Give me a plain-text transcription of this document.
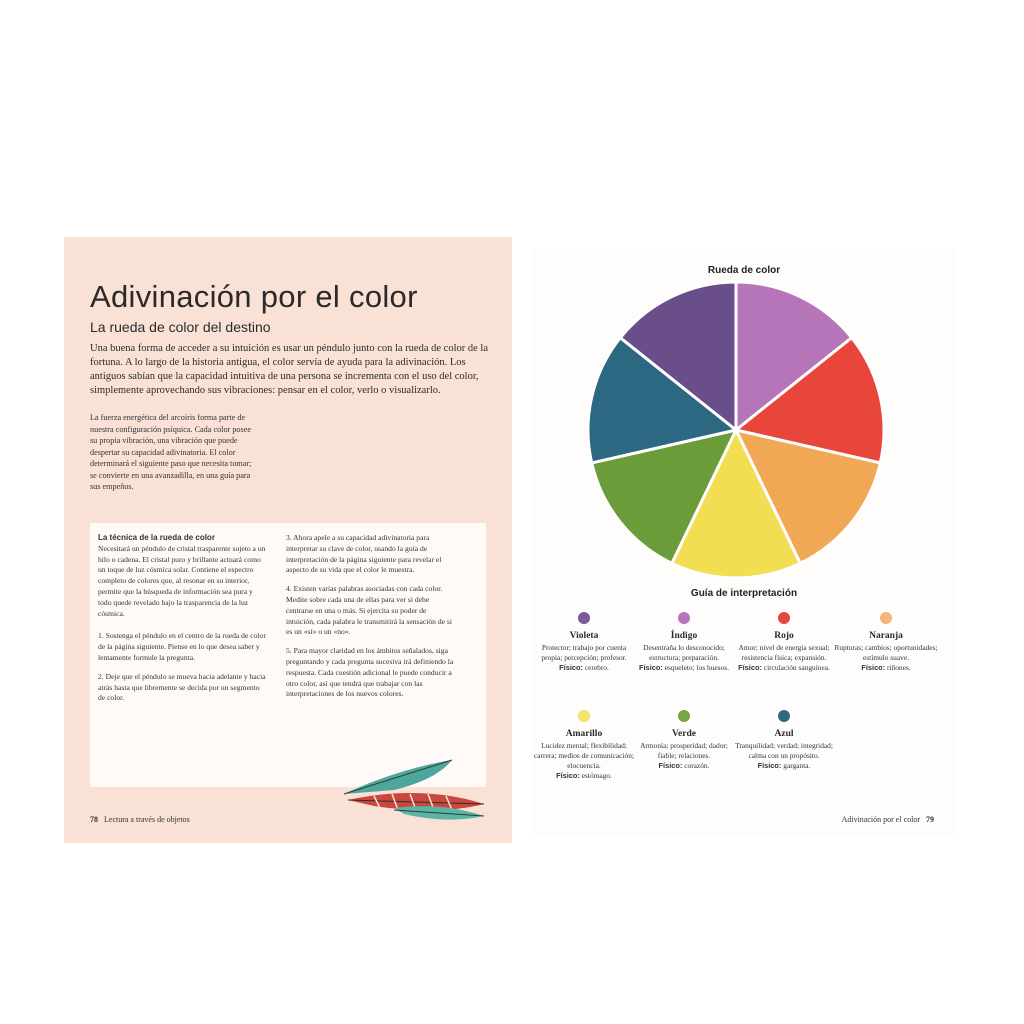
Adivinación por el color
La rueda de color del destino
Una buena forma de acceder a su intuición es usar un péndulo junto con la rueda de color de la fortuna. A lo largo de la historia antigua, el color servía de ayuda para la adivinación. Los antiguos sabían que la capacidad intuitiva de una persona se incrementa con el uso del color, simplemente aprovechando sus vibraciones: pensar en el color, verlo o visualizarlo.
La fuerza energética del arcoíris forma parte de nuestra configuración psíquica. Cada color posee su propia vibración, una vibración que puede despertar su capacidad adivinatoria. El color determinará el siguiente paso que necesita tomar; se convierte en una avanzadilla, en una guía para sus empeños.

La técnica de la rueda de color

Necesitará un péndulo de cristal trasparente sujeto a un hilo o cadena. El cristal puro y brillante actuará como un toque de luz cósmica solar. Contiene el espectro completo de colores que, al resonar en su interior, permite que la búsqueda de información sea pura y todo quede revelado bajo la trasparencia de la luz cósmica.

1. Sostenga el péndulo en el centro de la rueda de color de la página siguiente. Piense en lo que desea saber y lentamente formule la pregunta.

2. Deje que el péndulo se mueva hacia adelante y hacia atrás hasta que libremente se decida por un segmento de color.

3. Ahora apele a su capacidad adivinatoria para interpretar su clave de color, usando la guía de interpretación de la página siguiente para revelar el aspecto de su vida que el color le muestra.

4. Existen varias palabras asociadas con cada color. Medite sobre cada una de ellas para ver si debe centrarse en una o más. Si ejercita su poder de intuición, cada palabra le transmitirá la sensación de si es un «sí» o un «no».

5. Para mayor claridad en los ámbitos señalados, siga preguntando y cada pregunta sucesiva irá definiendo la respuesta. Cada cuestión adicional le puede conducir a otro color, así que tendrá que trabajar con las interpretaciones de los nuevos colores.

78 Lectura a través de objetos
Rueda de color
Guía de interpretación
Violeta
Protector; trabajo por cuenta propia; percepción; profesor.
Físico: cerebro.
Índigo
Desentraña lo desconocido; estructura; preparación.
Físico: esqueleto; los huesos.
Rojo
Amor; nivel de energía sexual; resistencia física; expansión.
Físico: circulación sanguínea.
Naranja
Rupturas; cambios; oportunidades; estímulo suave.
Físico: riñones.
Amarillo
Lucidez mental; flexibilidad; carrera; medios de comunicación; elocuencia.
Físico: estómago.
Verde
Armonía; prosperidad; dador; fiable; relaciones.
Físico: corazón.
Azul
Tranquilidad; verdad; integridad; calma con un propósito.
Físico: garganta.
Adivinación por el color 79
